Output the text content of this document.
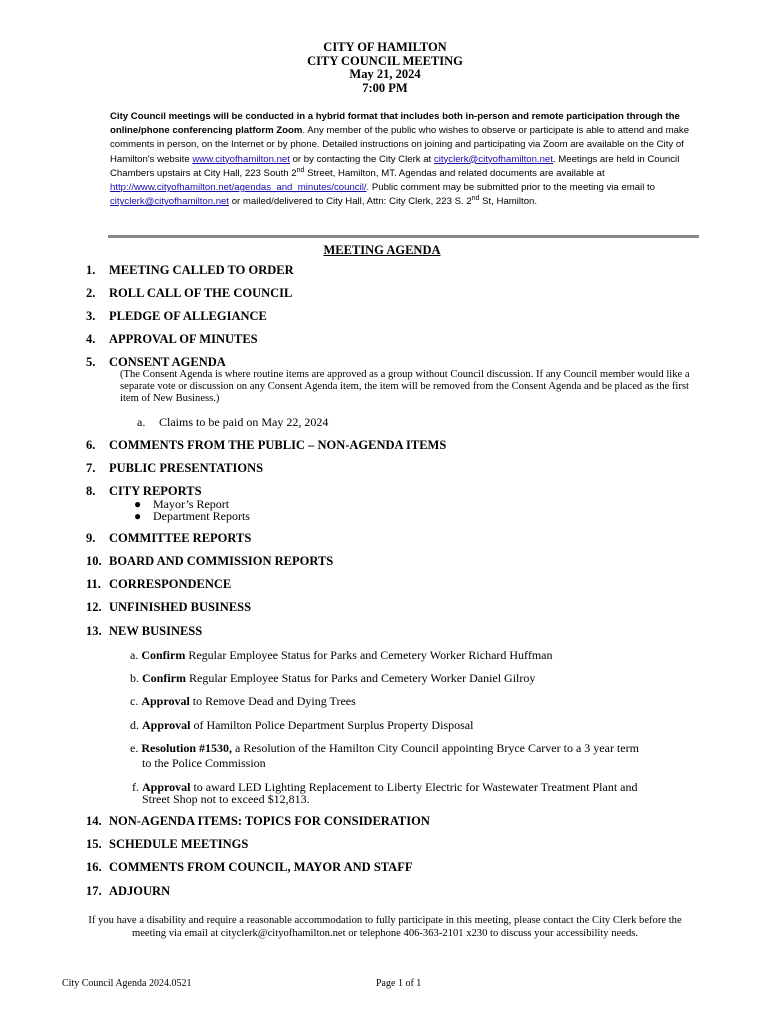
CITY OF HAMILTON
CITY COUNCIL MEETING
May 21, 2024
7:00 PM
City Council meetings will be conducted in a hybrid format that includes both in-person and remote participation through the online/phone conferencing platform Zoom. Any member of the public who wishes to observe or participate is able to attend and make comments in person, on the Internet or by phone. Detailed instructions on joining and participating via Zoom are available on the City of Hamilton's website www.cityofhamilton.net or by contacting the City Clerk at cityclerk@cityofhamilton.net. Meetings are held in Council Chambers upstairs at City Hall, 223 South 2nd Street, Hamilton, MT. Agendas and related documents are available at http://www.cityofhamilton.net/agendas_and_minutes/council/. Public comment may be submitted prior to the meeting via email to cityclerk@cityofhamilton.net or mailed/delivered to City Hall, Attn: City Clerk, 223 S. 2nd St, Hamilton.
MEETING AGENDA
1. MEETING CALLED TO ORDER
2. ROLL CALL OF THE COUNCIL
3. PLEDGE OF ALLEGIANCE
4. APPROVAL OF MINUTES
5. CONSENT AGENDA
(The Consent Agenda is where routine items are approved as a group without Council discussion. If any Council member would like a separate vote or discussion on any Consent Agenda item, the item will be removed from the Consent Agenda and be placed as the first item of New Business.)
a. Claims to be paid on May 22, 2024
6. COMMENTS FROM THE PUBLIC – NON-AGENDA ITEMS
7. PUBLIC PRESENTATIONS
8. CITY REPORTS
● Mayor’s Report
● Department Reports
9. COMMITTEE REPORTS
10. BOARD AND COMMISSION REPORTS
11. CORRESPONDENCE
12. UNFINISHED BUSINESS
13. NEW BUSINESS
a. Confirm Regular Employee Status for Parks and Cemetery Worker Richard Huffman
b. Confirm Regular Employee Status for Parks and Cemetery Worker Daniel Gilroy
c. Approval to Remove Dead and Dying Trees
d. Approval of Hamilton Police Department Surplus Property Disposal
e. Resolution #1530, a Resolution of the Hamilton City Council appointing Bryce Carver to a 3 year term
to the Police Commission
f. Approval to award LED Lighting Replacement to Liberty Electric for Wastewater Treatment Plant and
Street Shop not to exceed $12,813.
14. NON-AGENDA ITEMS: TOPICS FOR CONSIDERATION
15. SCHEDULE MEETINGS
16. COMMENTS FROM COUNCIL, MAYOR AND STAFF
17. ADJOURN
If you have a disability and require a reasonable accommodation to fully participate in this meeting, please contact the City Clerk before the meeting via email at cityclerk@cityofhamilton.net or telephone 406-363-2101 x230 to discuss your accessibility needs.
City Council Agenda 2024.0521	Page 1 of 1
